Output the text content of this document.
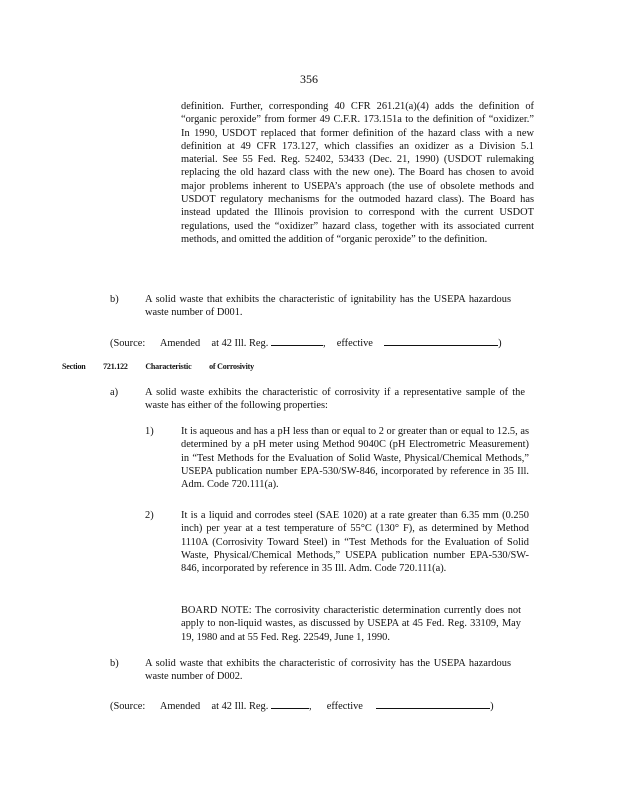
356
definition. Further, corresponding 40 CFR 261.21(a)(4) adds the definition of “organic peroxide” from former 49 C.F.R. 173.151a to the definition of “oxidizer.” In 1990, USDOT replaced that former definition of the hazard class with a new definition at 49 CFR 173.127, which classifies an oxidizer as a Division 5.1 material. See 55 Fed. Reg. 52402, 53433 (Dec. 21, 1990) (USDOT rulemaking replacing the old hazard class with the new one). The Board has chosen to avoid major problems inherent to USEPA’s approach (the use of obsolete methods and USDOT regulatory mechanisms for the outmoded hazard class). The Board has instead updated the Illinois provision to correspond with the current USDOT regulations, used the “oxidizer” hazard class, together with its associated current methods, and omitted the addition of “organic peroxide” to the definition.
b)	A solid waste that exhibits the characteristic of ignitability has the USEPA hazardous waste number of D001.
(Source: Amended at 42 Ill. Reg.	, effective	)
Section 721.122 Characteristic of Corrosivity
a)	A solid waste exhibits the characteristic of corrosivity if a representative sample of the waste has either of the following properties:
1)	It is aqueous and has a pH less than or equal to 2 or greater than or equal to 12.5, as determined by a pH meter using Method 9040C (pH Electrometric Measurement) in “Test Methods for the Evaluation of Solid Waste, Physical/Chemical Methods,” USEPA publication number EPA-530/SW-846, incorporated by reference in 35 Ill. Adm. Code 720.111(a).
2)	It is a liquid and corrodes steel (SAE 1020) at a rate greater than 6.35 mm (0.250 inch) per year at a test temperature of 55°C (130° F), as determined by Method 1110A (Corrosivity Toward Steel) in “Test Methods for the Evaluation of Solid Waste, Physical/Chemical Methods,” USEPA publication number EPA-530/SW-846, incorporated by reference in 35 Ill. Adm. Code 720.111(a).
BOARD NOTE: The corrosivity characteristic determination currently does not apply to non-liquid wastes, as discussed by USEPA at 45 Fed. Reg. 33109, May 19, 1980 and at 55 Fed. Reg. 22549, June 1, 1990.
b)	A solid waste that exhibits the characteristic of corrosivity has the USEPA hazardous waste number of D002.
(Source: Amended at 42 Ill. Reg.	, effective	)
